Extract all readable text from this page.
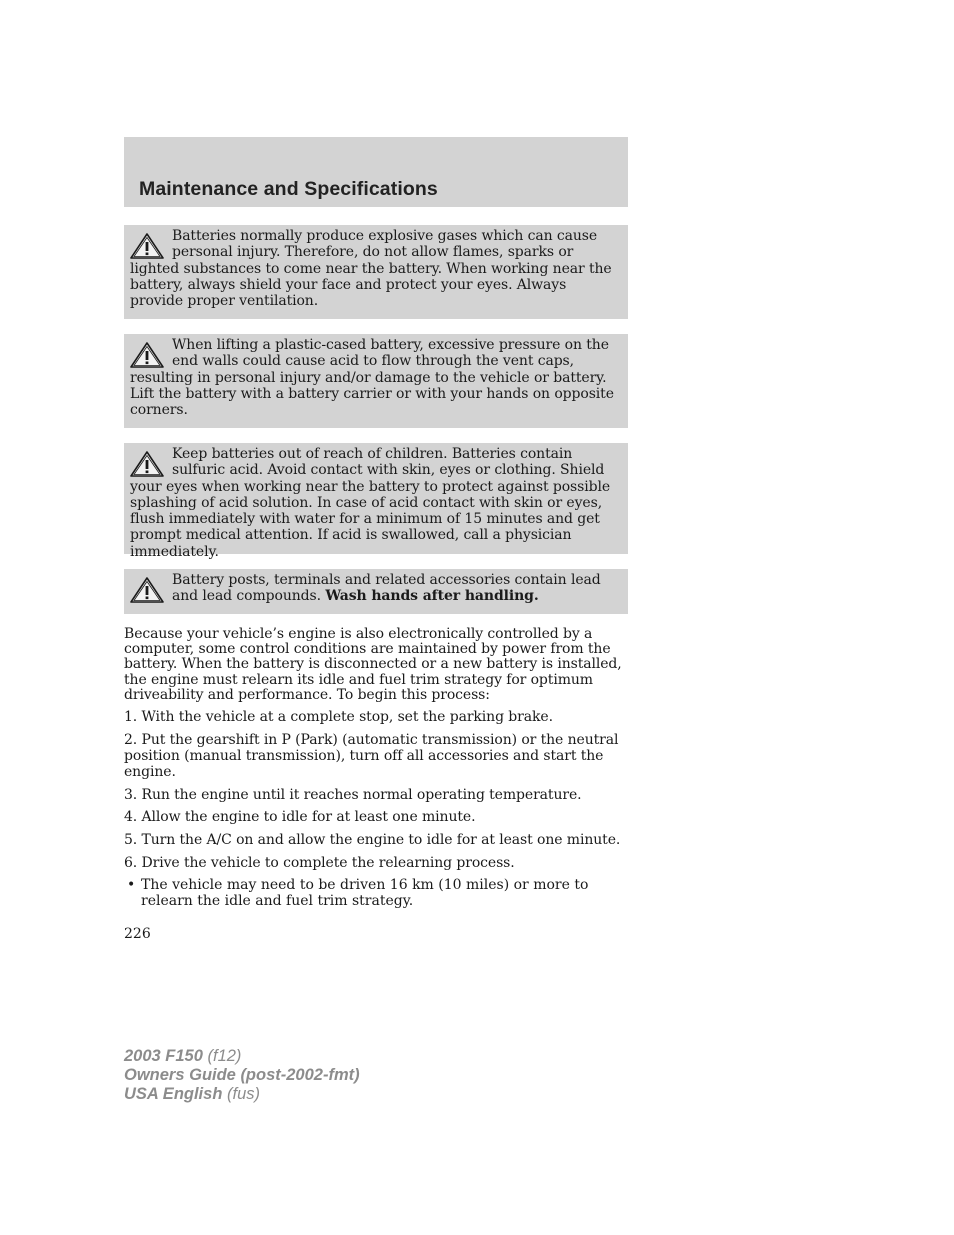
Maintenance and Specifications

Batteries normally produce explosive gases which can cause personal injury. Therefore, do not allow flames, sparks or lighted substances to come near the battery. When working near the battery, always shield your face and protect your eyes. Always provide proper ventilation.

When lifting a plastic-cased battery, excessive pressure on the end walls could cause acid to flow through the vent caps, resulting in personal injury and/or damage to the vehicle or battery. Lift the battery with a battery carrier or with your hands on opposite corners.

Keep batteries out of reach of children. Batteries contain sulfuric acid. Avoid contact with skin, eyes or clothing. Shield your eyes when working near the battery to protect against possible splashing of acid solution. In case of acid contact with skin or eyes, flush immediately with water for a minimum of 15 minutes and get prompt medical attention. If acid is swallowed, call a physician immediately.

Battery posts, terminals and related accessories contain lead and lead compounds. Wash hands after handling.

Because your vehicle’s engine is also electronically controlled by a computer, some control conditions are maintained by power from the battery. When the battery is disconnected or a new battery is installed, the engine must relearn its idle and fuel trim strategy for optimum driveability and performance. To begin this process:

1. With the vehicle at a complete stop, set the parking brake.
2. Put the gearshift in P (Park) (automatic transmission) or the neutral position (manual transmission), turn off all accessories and start the engine.
3. Run the engine until it reaches normal operating temperature.
4. Allow the engine to idle for at least one minute.
5. Turn the A/C on and allow the engine to idle for at least one minute.
6. Drive the vehicle to complete the relearning process.
• The vehicle may need to be driven 16 km (10 miles) or more to relearn the idle and fuel trim strategy.
226
2003 F150 (f12)
Owners Guide (post-2002-fmt)
USA English (fus)
